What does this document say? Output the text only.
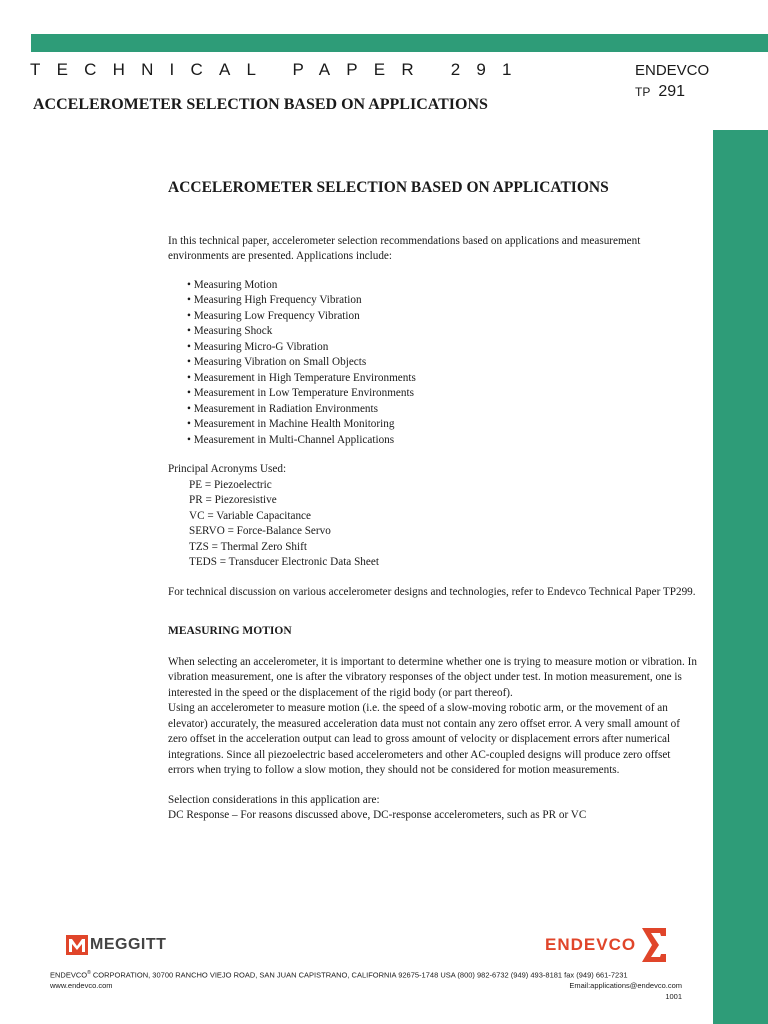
TECHNICAL PAPER 291
ACCELEROMETER SELECTION BASED ON APPLICATIONS
ENDEVCO
TP 291

ACCELEROMETER SELECTION BASED ON APPLICATIONS

In this technical paper, accelerometer selection recommendations based on applications and measurement environments are presented. Applications include:

• Measuring Motion
• Measuring High Frequency Vibration
• Measuring Low Frequency Vibration
• Measuring Shock
• Measuring Micro-G Vibration
• Measuring Vibration on Small Objects
• Measurement in High Temperature Environments
• Measurement in Low Temperature Environments
• Measurement in Radiation Environments
• Measurement in Machine Health Monitoring
• Measurement in Multi-Channel Applications

Principal Acronyms Used:

PE = Piezoelectric
PR = Piezoresistive
VC = Variable Capacitance
SERVO = Force-Balance Servo
TZS = Thermal Zero Shift
TEDS = Transducer Electronic Data Sheet

For technical discussion on various accelerometer designs and technologies, refer to Endevco Technical Paper TP299.

MEASURING MOTION

When selecting an accelerometer, it is important to determine whether one is trying to measure motion or vibration. In vibration measurement, one is after the vibratory responses of the object under test. In motion measurement, one is interested in the speed or the displacement of the rigid body (or part thereof).

Using an accelerometer to measure motion (i.e. the speed of a slow-moving robotic arm, or the movement of an elevator) accurately, the measured acceleration data must not contain any zero offset error. A very small amount of zero offset in the acceleration output can lead to gross amount of velocity or displacement errors after numerical integrations. Since all piezoelectric based accelerometers and other AC-coupled designs will produce zero offset errors when trying to follow a slow motion, they should not be considered for motion measurements.

Selection considerations in this application are:

DC Response – For reasons discussed above, DC-response accelerometers, such as PR or VC

MEGGITT	ENDEVCO
ENDEVCO® CORPORATION, 30700 RANCHO VIEJO ROAD, SAN JUAN CAPISTRANO, CALIFORNIA 92675-1748 USA (800) 982-6732 (949) 493-8181 fax (949) 661-7231
www.endevco.com	Email:applications@endevco.com
1001
